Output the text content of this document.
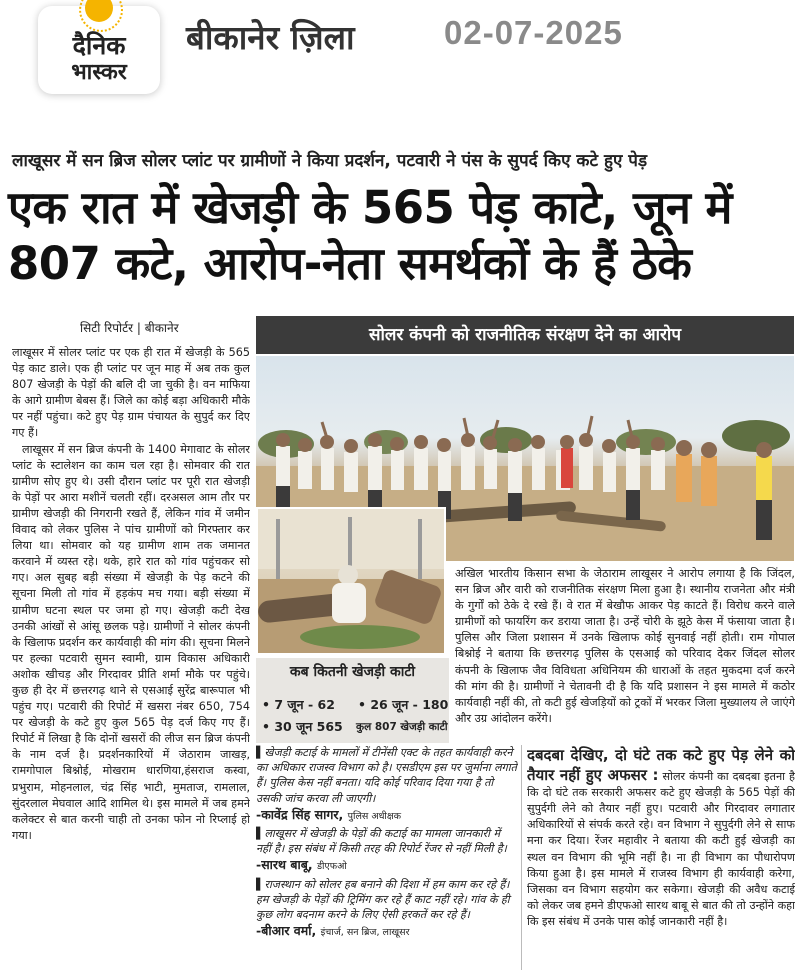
दैनिक
भास्कर
बीकानेर ज़िला	02-07-2025
लाखूसर में सन ब्रिज सोलर प्लांट पर ग्रामीणों ने किया प्रदर्शन, पटवारी ने पंस के सुपर्द किए कटे हुए पेड़
एक रात में खेजड़ी के 565 पेड़ काटे, जून में 807 कटे, आरोप-नेता समर्थकों के हैं ठेके
सिटी रिपोर्टर | बीकानेर

लाखूसर में सोलर प्लांट पर एक ही रात में खेजड़ी के 565 पेड़ काट डाले। एक ही प्लांट पर जून माह में अब तक कुल 807 खेजड़ी के पेड़ों की बलि दी जा चुकी है। वन माफिया के आगे ग्रामीण बेबस हैं। जिले का कोई बड़ा अधिकारी मौके पर नहीं पहुंचा। कटे हुए पेड़ ग्राम पंचायत के सुपुर्द कर दिए गए हैं।

लाखूसर में सन ब्रिज कंपनी के 1400 मेगावाट के सोलर प्लांट के स्टालेशन का काम चल रहा है। सोमवार की रात ग्रामीण सोए हुए थे। उसी दौरान प्लांट पर पूरी रात खेजड़ी के पेड़ों पर आरा मशीनें चलती रहीं। दरअसल आम तौर पर ग्रामीण खेजड़ी की निगरानी रखते हैं, लेकिन गांव में जमीन विवाद को लेकर पुलिस ने पांच ग्रामीणों को गिरफ्तार कर लिया था। सोमवार को यह ग्रामीण शाम तक जमानत करवाने में व्यस्त रहे। थके, हारे रात को गांव पहुंचकर सो गए। अल सुबह बड़ी संख्या में खेजड़ी के पेड़ कटने की सूचना मिली तो गांव में हड़कंप मच गया। बड़ी संख्या में ग्रामीण घटना स्थल पर जमा हो गए। खेजड़ी कटी देख उनकी आंखों से आंसू छलक पड़े। ग्रामीणों ने सोलर कंपनी के खिलाफ प्रदर्शन कर कार्यवाही की मांग की। सूचना मिलने पर हल्का पटवारी सुमन स्वामी, ग्राम विकास अधिकारी अशोक खीचड़ और गिरदावर प्रीति शर्मा मौके पर पहुंचे। कुछ ही देर में छत्तरगढ़ थाने से एसआई सुरेंद्र बारूपाल भी पहुंच गए। पटवारी की रिपोर्ट में खसरा नंबर 650, 754 पर खेजड़ी के कटे हुए कुल 565 पेड़ दर्ज किए गए हैं। रिपोर्ट में लिखा है कि दोनों खसरों की लीज सन ब्रिज कंपनी के नाम दर्ज है। प्रदर्शनकारियों में जेठाराम जाखड़, रामगोपाल बिश्नोई, मोखराम धारणिया,हंसराज कस्वा, प्रभुराम, मोहनलाल, चंद्र सिंह भाटी, मुमताज, रामलाल, सुंदरलाल मेघवाल आदि शामिल थे। इस मामले में जब हमने कलेक्टर से बात करनी चाही तो उनका फोन नो रिप्लाई हो गया।

सोलर कंपनी को राजनीतिक संरक्षण देने का आरोप
कब कितनी खेजड़ी काटी
• 7 जून - 62 • 26 जून - 180
• 30 जून 565 कुल 807 खेजड़ी काटी
अखिल भारतीय किसान सभा के जेठाराम लाखूसर ने आरोप लगाया है कि जिंदल, सन ब्रिज और वारी को राजनीतिक संरक्षण मिला हुआ है। स्थानीय राजनेता और मंत्री के गुर्गों को ठेके दे रखे हैं। वे रात में बेखौफ आकर पेड़ काटते हैं। विरोध करने वाले ग्रामीणों को फायरिंग कर डराया जाता है। उन्हें चोरी के झूठे केस में फंसाया जाता है। पुलिस और जिला प्रशासन में उनके खिलाफ कोई सुनवाई नहीं होती। राम गोपाल बिश्नोई ने बताया कि छत्तरगढ़ पुलिस के एसआई को परिवाद देकर जिंदल सोलर कंपनी के खिलाफ जैव विविधता अधिनियम की धाराओं के तहत मुकदमा दर्ज करने की मांग की है। ग्रामीणों ने चेतावनी दी है कि यदि प्रशासन ने इस मामले में कठोर कार्यवाही नहीं की, तो कटी हुई खेजड़ियों को ट्रकों में भरकर जिला मुख्यालय ले जाएंगे और उग्र आंदोलन करेंगे।
▌खेजड़ी कटाई के मामलों में टीनेंसी एक्ट के तहत कार्यवाही करने का अधिकार राजस्व विभाग को है। एसडीएम इस पर जुर्माना लगाते हैं। पुलिस केस नहीं बनता। यदि कोई परिवाद दिया गया है तो उसकी जांच करवा ली जाएगी।
-कावेंद्र सिंह सागर, पुलिस अधीक्षक
▌लाखूसर में खेजड़ी के पेड़ों की कटाई का मामला जानकारी में नहीं है। इस संबंध में किसी तरह की रिपोर्ट रेंजर से नहीं मिली है।
-सारथ बाबू, डीएफओ
▌राजस्थान को सोलर हब बनाने की दिशा में हम काम कर रहे हैं। हम खेजड़ी के पेड़ों की ट्रिमिंग कर रहे हैं काट नहीं रहे। गांव के ही कुछ लोग बदनाम करने के लिए ऐसी हरकतें कर रहे हैं।
-बीआर वर्मा, इंचार्ज, सन ब्रिज, लाखूसर
दबदबा देखिए, दो घंटे तक कटे हुए पेड़ लेने को तैयार नहीं हुए अफसर : सोलर कंपनी का दबदबा इतना है कि दो घंटे तक सरकारी अफसर कटे हुए खेजड़ी के 565 पेड़ों की सुपुर्दगी लेने को तैयार नहीं हुए। पटवारी और गिरदावर लगातार अधिकारियों से संपर्क करते रहे। वन विभाग ने सुपुर्दगी लेने से साफ मना कर दिया। रेंजर महावीर ने बताया की कटी हुई खेजड़ी का स्थल वन विभाग की भूमि नहीं है। ना ही विभाग का पौधारोपण किया हुआ है। इस मामले में राजस्व विभाग ही कार्यवाही करेगा, जिसका वन विभाग सहयोग कर सकेगा। खेजड़ी की अवैध कटाई को लेकर जब हमने डीएफओ सारथ बाबू से बात की तो उन्होंने कहा कि इस संबंध में उनके पास कोई जानकारी नहीं है।
